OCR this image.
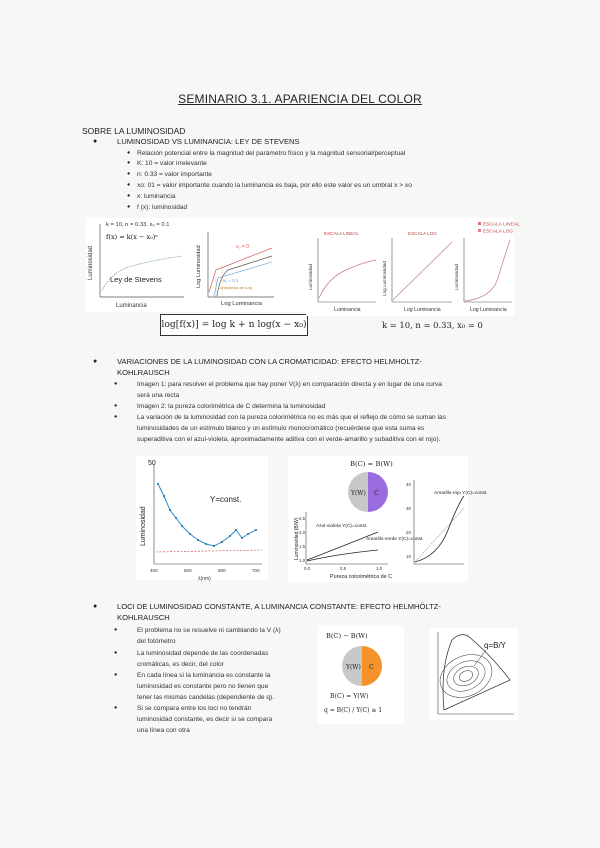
SEMINARIO 3.1. APARIENCIA DEL COLOR
SOBRE LA LUMINOSIDAD
●	LUMINOSIDAD VS LUMINANCIA: LEY DE STEVENS
● Relación potencial entre la magnitud del parámetro físico y la magnitud sensorial/perceptual
● K: 10 = valor irrelevante
● n: 0.33 = valor importante
● xo: 01 = valor importante cuando la luminancia es baja, por ello este valor es un umbral x > xo
● x: luminancia
● f (x): luminosidad
k = 10, n = 0.33, x₀ = 0.1
f(x) = k(x − x₀)ⁿ
Luminosidad
Luminancia
Ley de Stevens
x₀ = 0
x₀ = 0.1
Luminancia de Log
Log Luminosidad
Log Luminancia
log[f(x)] = log k + n log(x − x₀)
ESCALA LINEAL
ESCALA LOG
ESCALA LINEAL
Luminosidad
Luminancia
ESCALA LOG
Log Luminosidad
Log Luminancia
Luminosidad
Log Luminancia
k = 10, n = 0.33, x₀ = 0
●	VARIACIONES DE LA LUMINOSIDAD CON LA CROMATICIDAD: EFECTO HELMHOLTZ-
KOHLRAUSCH
●	Imagen 1: para resolver el problema que hay poner V(λ) en comparación directa y en lugar de una curva
será una recta
●	Imagen 2: la pureza colorimétrica de C determina la luminosidad
●	La variación de la luminosidad con la pureza colorimétrica no es más que el reflejo de cómo se suman las
luminosidades de un estímulo blanco y un estímulo monocromático (recuérdese que esta suma es
superaditiva con el azul-violeta, aproximadamente aditiva con el verde-amarillo y subaditiva con el rojo).
50
Y=const.
Luminosidad
400	500	600	700
λ(nm)
B(C) = B(W)
Y(W) C
1.0
1.5
2.0
2.5
0.0	0.5	1.0
Luminosidad (B/W)	Azul-violeta Y(C)=const.
Amarillo-verde Y(C)=const.
10
20
30
40
Amarillo-rojo Y(C)=const.
Pureza colorimétrica de C
●	LOCI DE LUMINOSIDAD CONSTANTE, A LUMINANCIA CONSTANTE: EFECTO HELMHÖLTZ-
KOHLRAUSCH
●	El problema no se resuelve ni cambiando la V (λ)
del fotómetro
●	La luminosidad depende de las coordenadas
cromáticas, es decir, del color
●	En cada línea si la luminancia es constante la
luminosidad es constante pero no tienen que
tener las mismas candelas (dependiente de q).
●	Si se compara entre los loci no tendrán
luminosidad constante, es decir si se compara
una línea con otra
B(C) − B(W)
Y(W) C
B(C) = Y(W)
q = B(C) / Y(C) ≥ 1
q=B/Y
